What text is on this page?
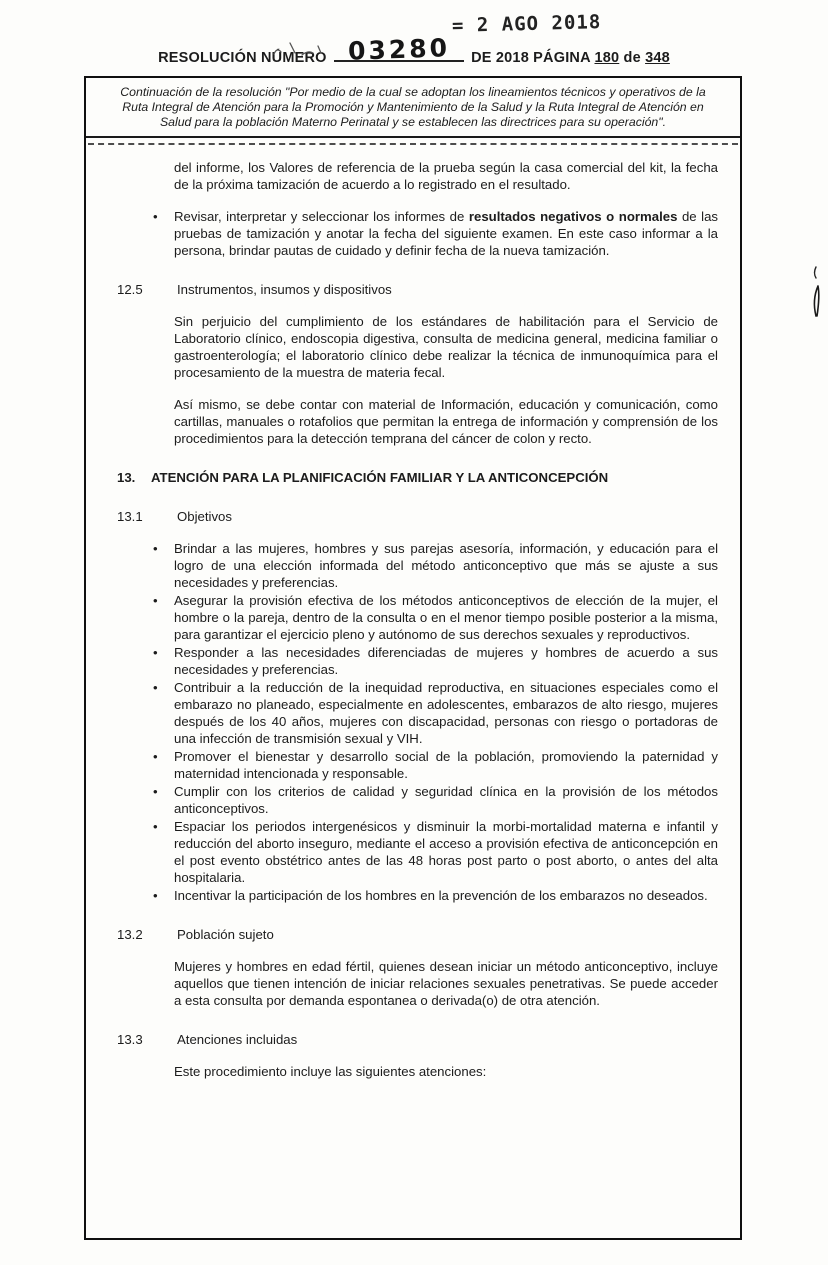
= 2 AGO 2018
RESOLUCIÓN NÚMERO 03280 DE 2018 PÁGINA 180 de 348
Continuación de la resolución "Por medio de la cual se adoptan los lineamientos técnicos y operativos de la Ruta Integral de Atención para la Promoción y Mantenimiento de la Salud y la Ruta Integral de Atención en Salud para la población Materno Perinatal y se establecen las directrices para su operación".

del informe, los Valores de referencia de la prueba según la casa comercial del kit, la fecha de la próxima tamización de acuerdo a lo registrado en el resultado.

• Revisar, interpretar y seleccionar los informes de resultados negativos o normales de las pruebas de tamización y anotar la fecha del siguiente examen. En este caso informar a la persona, brindar pautas de cuidado y definir fecha de la nueva tamización.

12.5	Instrumentos, insumos y dispositivos

Sin perjuicio del cumplimiento de los estándares de habilitación para el Servicio de Laboratorio clínico, endoscopia digestiva, consulta de medicina general, medicina familiar o gastroenterología; el laboratorio clínico debe realizar la técnica de inmunoquímica para el procesamiento de la muestra de materia fecal.

Así mismo, se debe contar con material de Información, educación y comunicación, como cartillas, manuales o rotafolios que permitan la entrega de información y comprensión de los procedimientos para la detección temprana del cáncer de colon y recto.

13. ATENCIÓN PARA LA PLANIFICACIÓN FAMILIAR Y LA ANTICONCEPCIÓN

13.1	Objetivos

• Brindar a las mujeres, hombres y sus parejas asesoría, información, y educación para el logro de una elección informada del método anticonceptivo que más se ajuste a sus necesidades y preferencias.
• Asegurar la provisión efectiva de los métodos anticonceptivos de elección de la mujer, el hombre o la pareja, dentro de la consulta o en el menor tiempo posible posterior a la misma, para garantizar el ejercicio pleno y autónomo de sus derechos sexuales y reproductivos.
• Responder a las necesidades diferenciadas de mujeres y hombres de acuerdo a sus necesidades y preferencias.
• Contribuir a la reducción de la inequidad reproductiva, en situaciones especiales como el embarazo no planeado, especialmente en adolescentes, embarazos de alto riesgo, mujeres después de los 40 años, mujeres con discapacidad, personas con riesgo o portadoras de una infección de transmisión sexual y VIH.
• Promover el bienestar y desarrollo social de la población, promoviendo la paternidad y maternidad intencionada y responsable.
• Cumplir con los criterios de calidad y seguridad clínica en la provisión de los métodos anticonceptivos.
• Espaciar los periodos intergenésicos y disminuir la morbi-mortalidad materna e infantil y reducción del aborto inseguro, mediante el acceso a provisión efectiva de anticoncepción en el post evento obstétrico antes de las 48 horas post parto o post aborto, o antes del alta hospitalaria.
• Incentivar la participación de los hombres en la prevención de los embarazos no deseados.

13.2	Población sujeto

Mujeres y hombres en edad fértil, quienes desean iniciar un método anticonceptivo, incluye aquellos que tienen intención de iniciar relaciones sexuales penetrativas. Se puede acceder a esta consulta por demanda espontanea o derivada(o) de otra atención.

13.3	Atenciones incluidas

Este procedimiento incluye las siguientes atenciones:
